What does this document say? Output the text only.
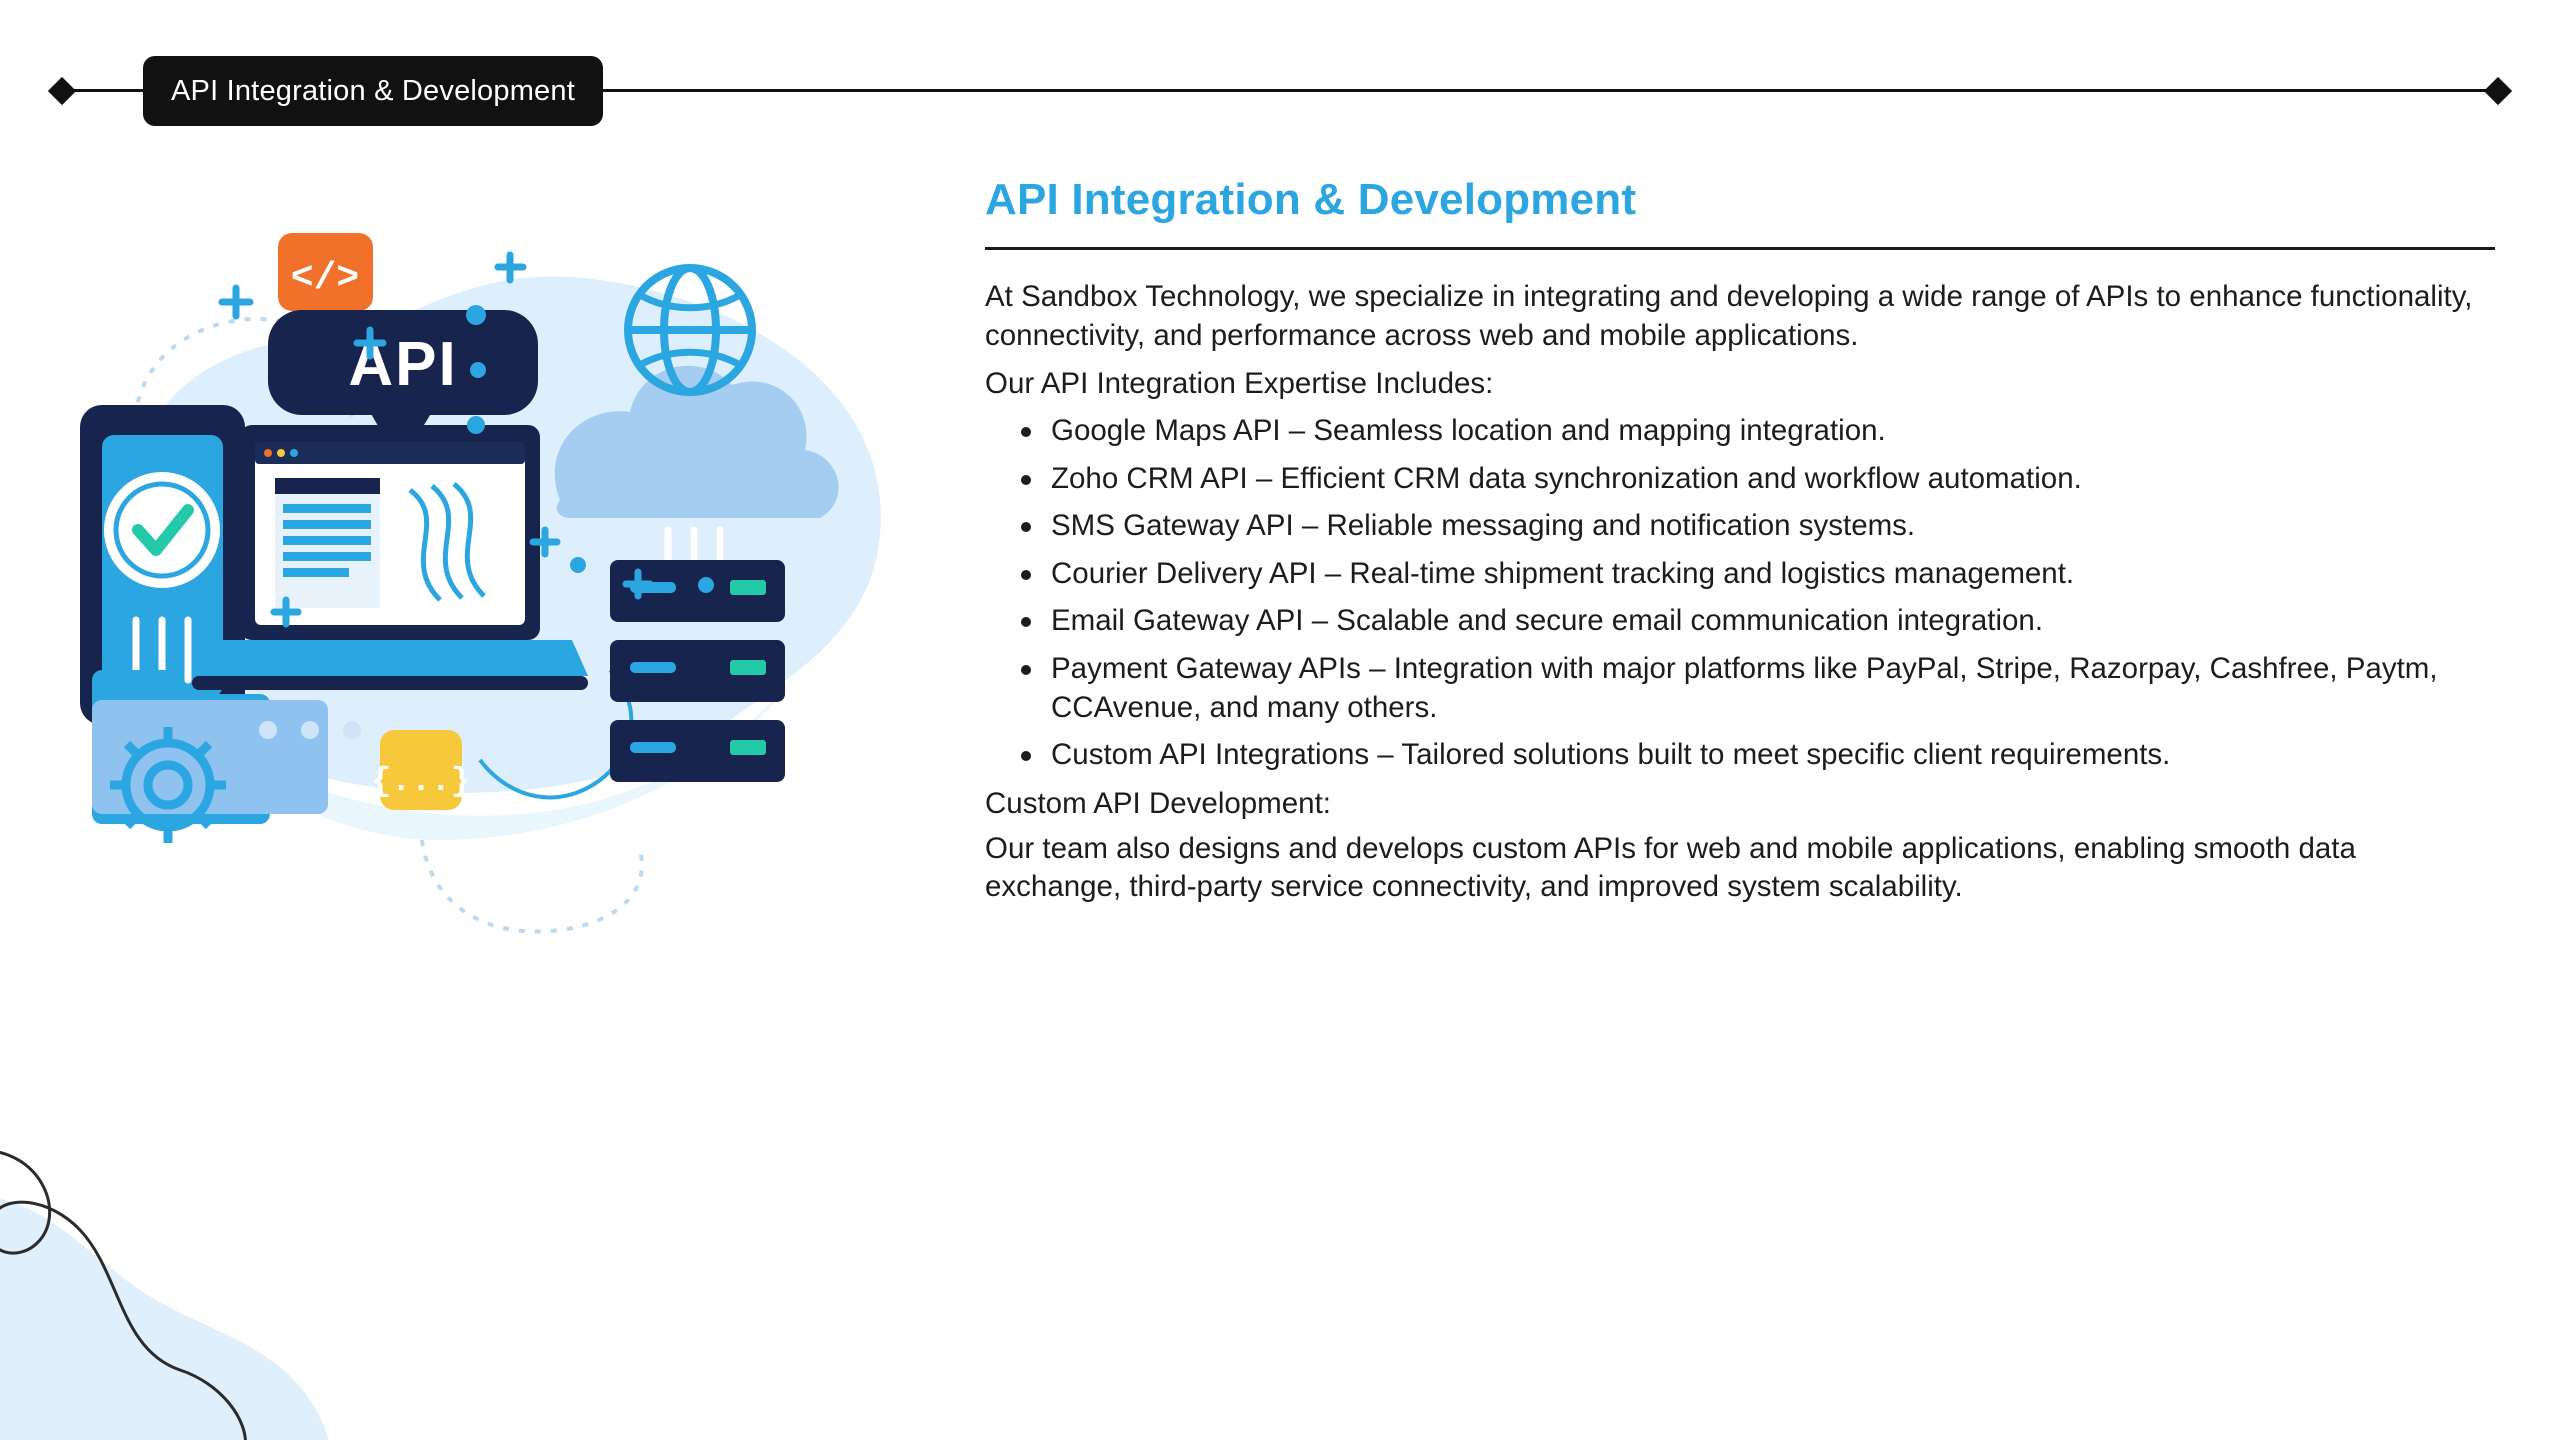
API Integration & Development
</>
API
{...}
API Integration & Development

At Sandbox Technology, we specialize in integrating and developing a wide range of APIs to enhance functionality, connectivity, and performance across web and mobile applications.

Our API Integration Expertise Includes:

Google Maps API – Seamless location and mapping integration.
Zoho CRM API – Efficient CRM data synchronization and workflow automation.
SMS Gateway API – Reliable messaging and notification systems.
Courier Delivery API – Real-time shipment tracking and logistics management.
Email Gateway API – Scalable and secure email communication integration.
Payment Gateway APIs – Integration with major platforms like PayPal, Stripe, Razorpay, Cashfree, Paytm, CCAvenue, and many others.
Custom API Integrations – Tailored solutions built to meet specific client requirements.

Custom API Development:

Our team also designs and develops custom APIs for web and mobile applications, enabling smooth data exchange, third-party service connectivity, and improved system scalability.
